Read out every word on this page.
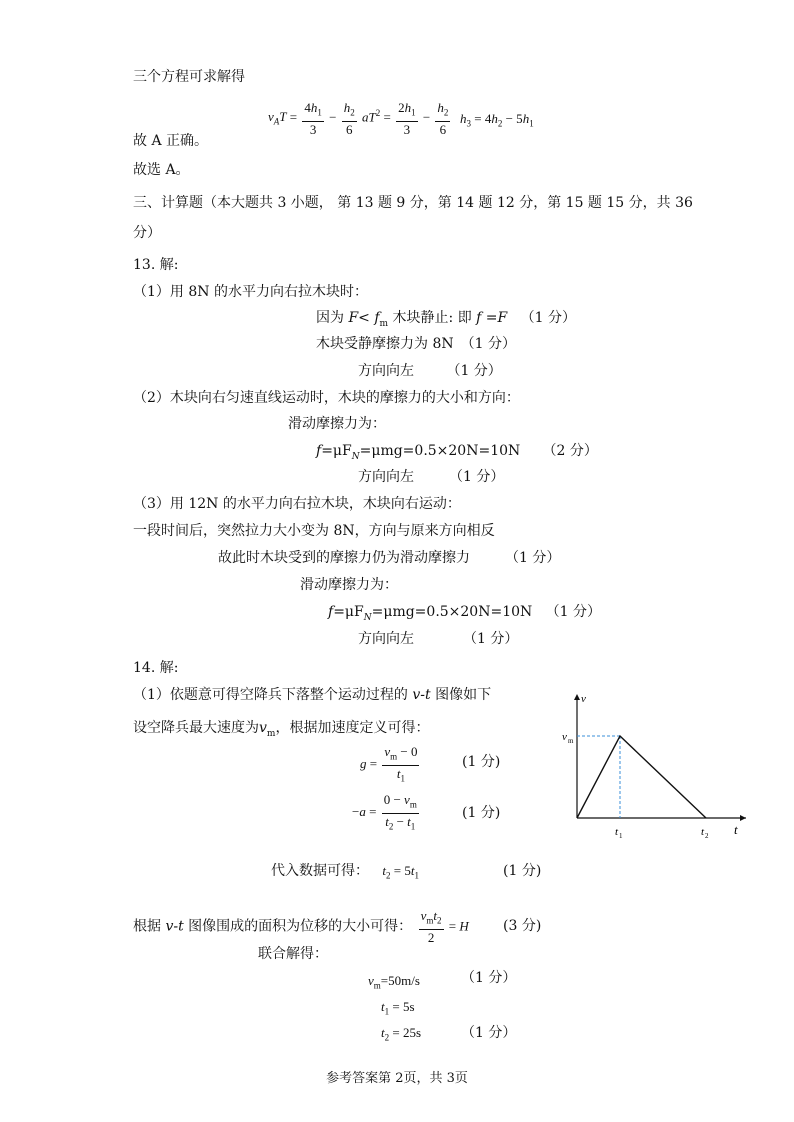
三个方程可求解得
$v_AT = \frac{4h_1}{3} - \frac{h_2}{6} aT^2 = \frac{2h_1}{3} - \frac{h_2}{6} h_3 = 4h_2 - 5h_1$
故 A 正确。
故选 A。
三、计算题（本大题共 3 小题， 第 13 题 9 分，第 14 题 12 分，第 15 题 15 分，共 36
分）
13. 解:
（1）用 8N 的水平力向右拉木块时：
因为 $F< f_m$ 木块静止: 即 f =F （1 分）
木块受静摩擦力为 8N　（1 分）
方向向左　　 （1 分）
（2）木块向右匀速直线运动时，木块的摩擦力的大小和方向：
滑动摩擦力为：
$f=\mu F_N=\mu mg=0.5\times 20N=10N$ （2 分）
方向向左　　　（1 分）
（3）用 12N 的水平力向右拉木块，木块向右运动：
一段时间后，突然拉力大小变为 8N，方向与原来方向相反
故此时木块受到的摩擦力仍为滑动摩擦力　　　（1 分）
滑动摩擦力为：
$f=\mu F_N=\mu mg=0.5\times 20N=10N$ （1 分）
方向向左　　　　（1 分）
14. 解:
（1）依题意可得空降兵下落整个运动过程的 v-t 图像如下
设空降兵最大速度为$v_m$，根据加速度定义可得：
$g = \frac{v_m - 0}{t_1}$	(1 分)
$-a = \frac{0 - v_m}{t_2 - t_1}$	(1 分)
v
t
v m
t 1	t 2
代入数据可得： $t_2 = 5t_1$	(1 分)
根据 v-t 图像围成的面积为位移的大小可得： $\frac{v_mt_2}{2} = H$ (3 分)
联合解得：
$v_m=50m/s$	（1 分）
$t_1 = 5s$
$t_2 = 25s$	（1 分）
参考答案第 2页，共 3页
